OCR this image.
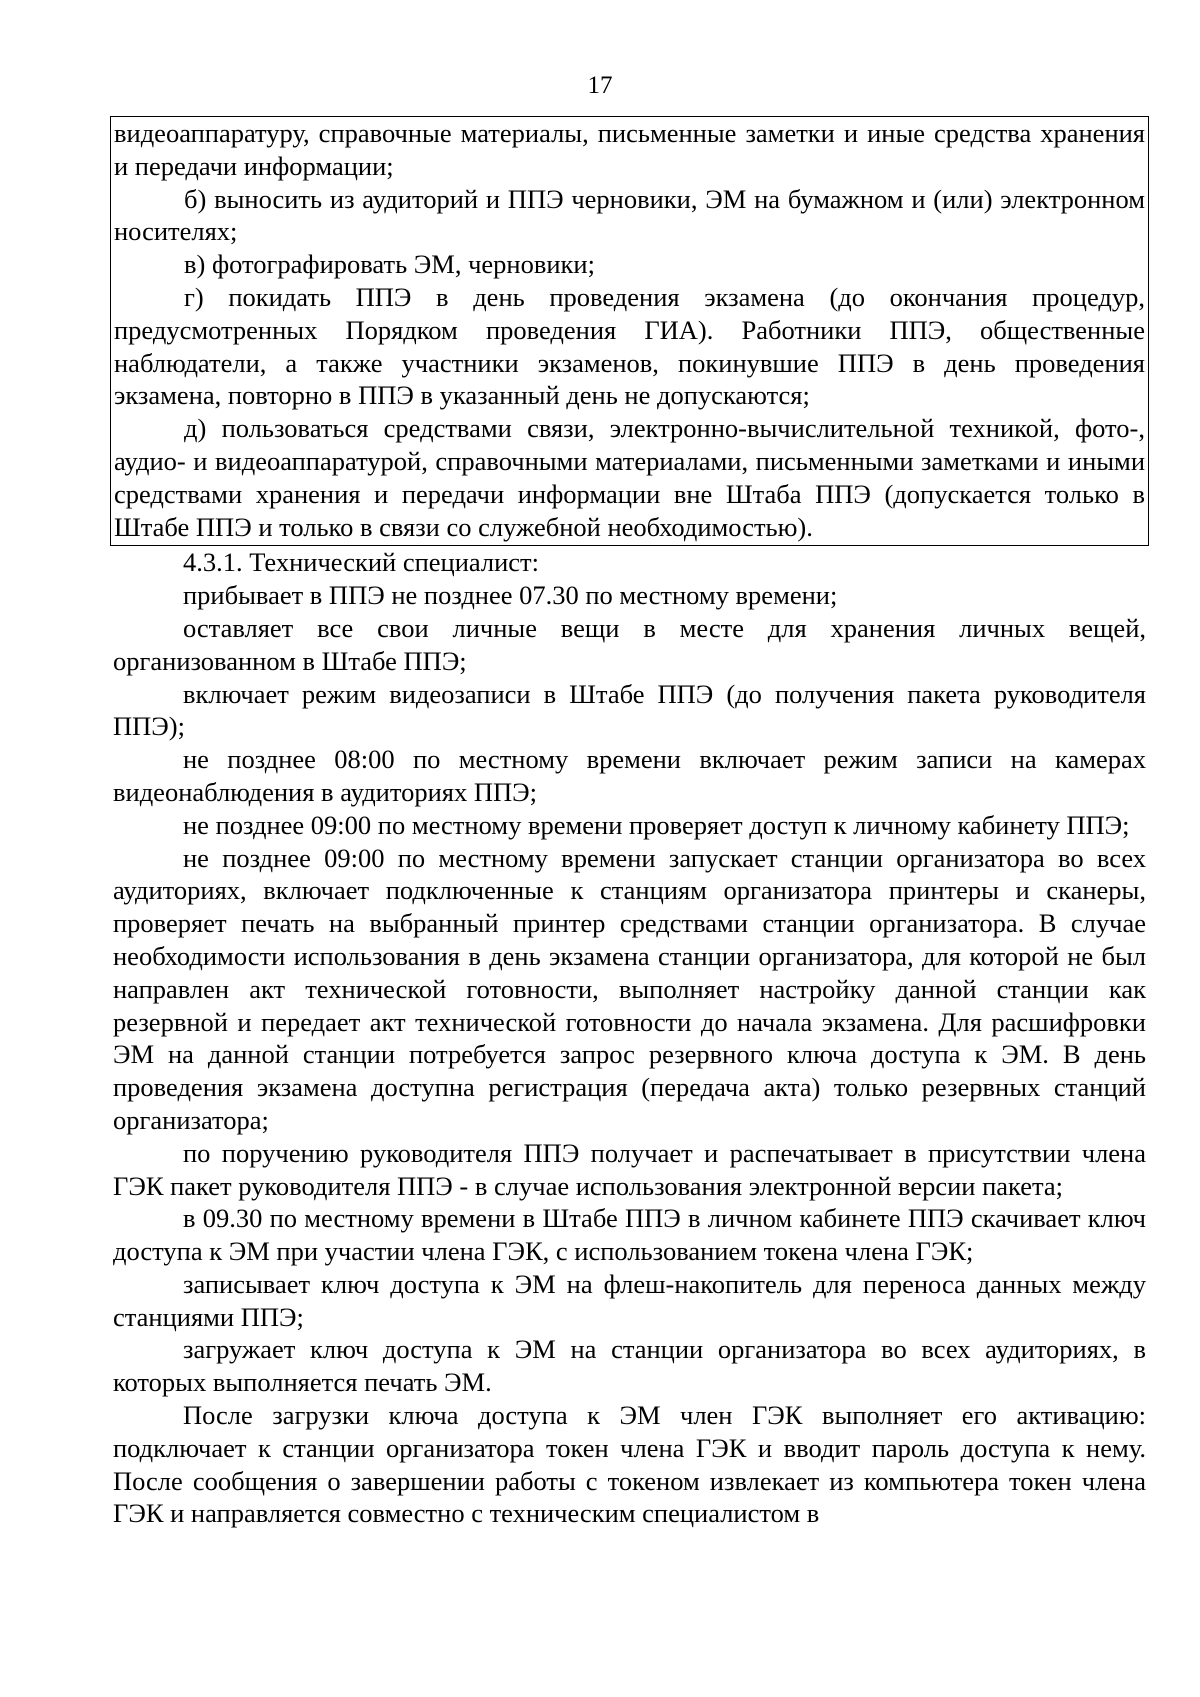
17

видеоаппаратуру, справочные материалы, письменные заметки и иные средства хранения и передачи информации;

б) выносить из аудиторий и ППЭ черновики, ЭМ на бумажном и (или) электронном носителях;

в) фотографировать ЭМ, черновики;

г) покидать ППЭ в день проведения экзамена (до окончания процедур, предусмотренных Порядком проведения ГИА). Работники ППЭ, общественные наблюдатели, а также участники экзаменов, покинувшие ППЭ в день проведения экзамена, повторно в ППЭ в указанный день не допускаются;

д) пользоваться средствами связи, электронно-вычислительной техникой, фото-, аудио- и видеоаппаратурой, справочными материалами, письменными заметками и иными средствами хранения и передачи информации вне Штаба ППЭ (допускается только в Штабе ППЭ и только в связи со служебной необходимостью).

4.3.1. Технический специалист:

прибывает в ППЭ не позднее 07.30 по местному времени;

оставляет все свои личные вещи в месте для хранения личных вещей, организованном в Штабе ППЭ;

включает режим видеозаписи в Штабе ППЭ (до получения пакета руководителя ППЭ);

не позднее 08:00 по местному времени включает режим записи на камерах видеонаблюдения в аудиториях ППЭ;

не позднее 09:00 по местному времени проверяет доступ к личному кабинету ППЭ;

не позднее 09:00 по местному времени запускает станции организатора во всех аудиториях, включает подключенные к станциям организатора принтеры и сканеры, проверяет печать на выбранный принтер средствами станции организатора. В случае необходимости использования в день экзамена станции организатора, для которой не был направлен акт технической готовности, выполняет настройку данной станции как резервной и передает акт технической готовности до начала экзамена. Для расшифровки ЭМ на данной станции потребуется запрос резервного ключа доступа к ЭМ. В день проведения экзамена доступна регистрация (передача акта) только резервных станций организатора;

по поручению руководителя ППЭ получает и распечатывает в присутствии члена ГЭК пакет руководителя ППЭ - в случае использования электронной версии пакета;

в 09.30 по местному времени в Штабе ППЭ в личном кабинете ППЭ скачивает ключ доступа к ЭМ при участии члена ГЭК, с использованием токена члена ГЭК;

записывает ключ доступа к ЭМ на флеш-накопитель для переноса данных между станциями ППЭ;

загружает ключ доступа к ЭМ на станции организатора во всех аудиториях, в которых выполняется печать ЭМ.

После загрузки ключа доступа к ЭМ член ГЭК выполняет его активацию: подключает к станции организатора токен члена ГЭК и вводит пароль доступа к нему. После сообщения о завершении работы с токеном извлекает из компьютера токен члена ГЭК и направляется совместно с техническим специалистом в
